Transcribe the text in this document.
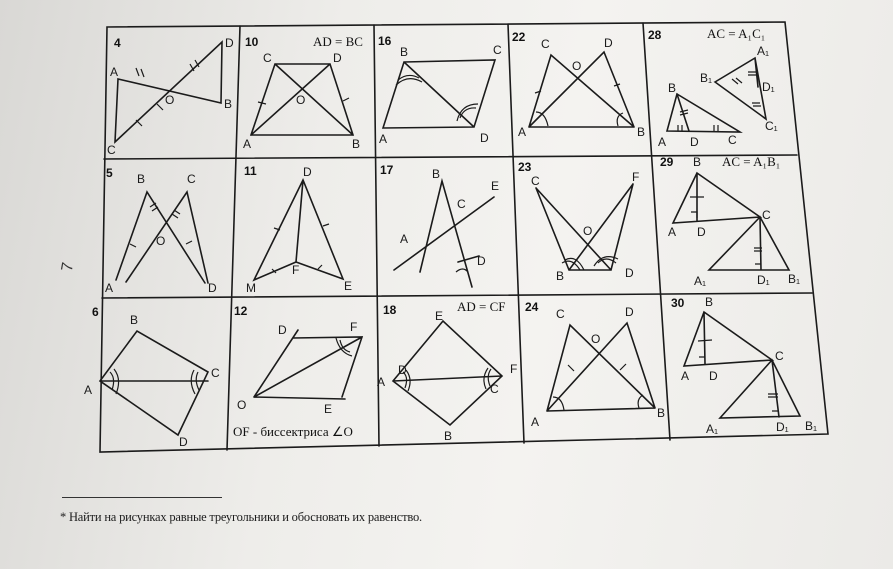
7
4	D
A
O	B
C
10	AD = BC
C	D
O
A	B
16
B	C
A	D
22 C	D
O
A	B
28	AC = A₁C₁
A₁
B₁
D₁
C₁
B
A D C
5 B	C
O
A	D
11	D
F
M	E
17	B
E
C
A
D
23
C	F
O
B	D
29	AC = A₁B₁
B
C
A D
A₁	D₁ B₁
6
B
A
C
D
12
D	F
O	E
OF - биссектриса ∠O
18	AD = CF
E
D	F
A	C
B
24 C	D
O
A
B
30 B
C
A D
A₁	D₁ B₁
* Найти на рисунках равные треугольники и обосновать их равенство.
